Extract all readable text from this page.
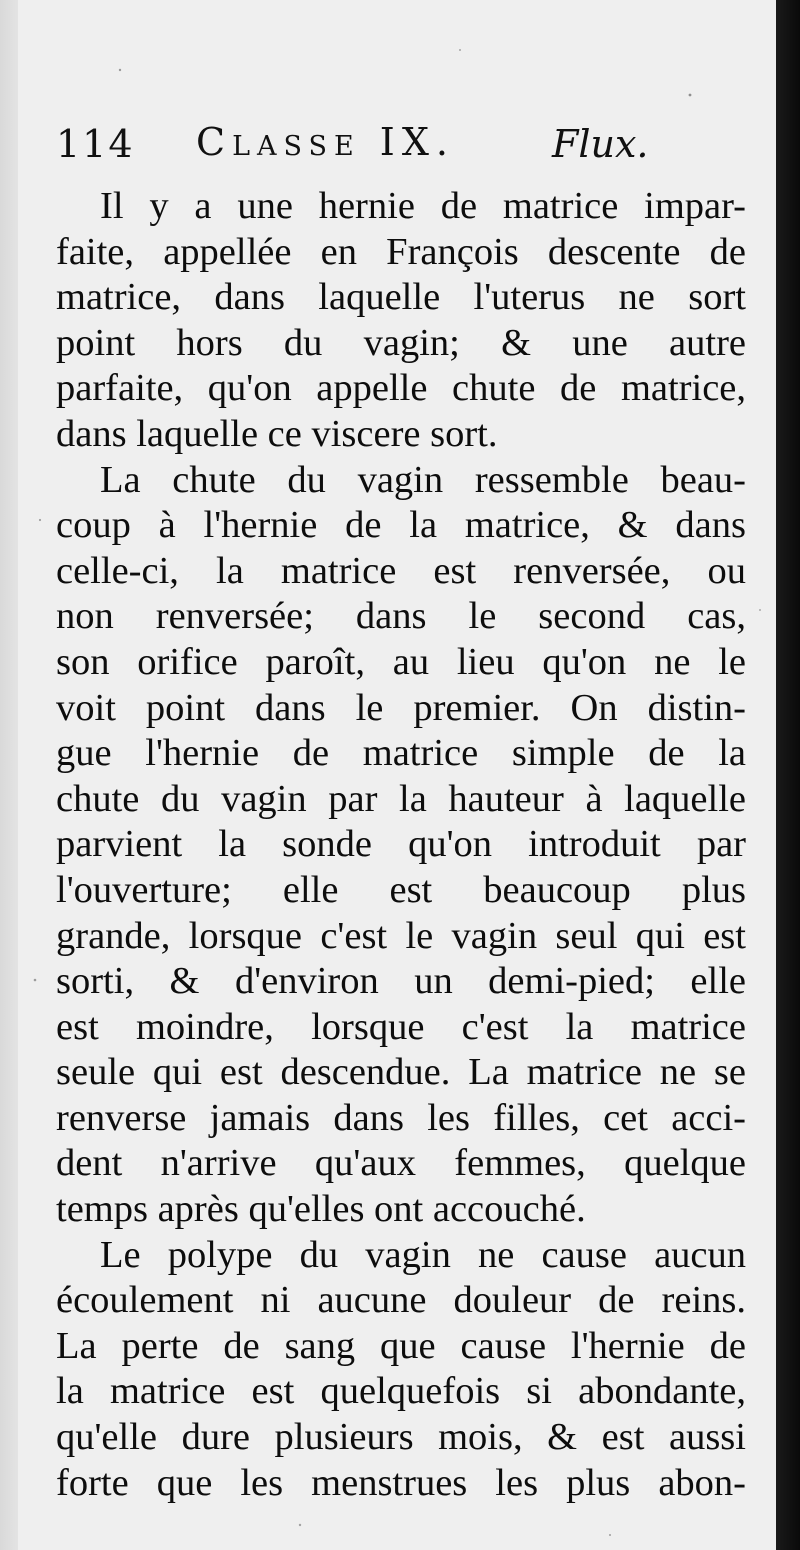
114 Classe IX.	Flux.
Il y a une hernie de matrice impar-
faite, appellée en François descente de
matrice, dans laquelle l'uterus ne sort
point hors du vagin; & une autre
parfaite, qu'on appelle chute de matrice,
dans laquelle ce viscere sort.
La chute du vagin ressemble beau-
coup à l'hernie de la matrice, & dans
celle-ci, la matrice est renversée, ou
non renversée; dans le second cas,
son orifice paroît, au lieu qu'on ne le
voit point dans le premier. On distin-
gue l'hernie de matrice simple de la
chute du vagin par la hauteur à laquelle
parvient la sonde qu'on introduit par
l'ouverture; elle est beaucoup plus
grande, lorsque c'est le vagin seul qui est
sorti, & d'environ un demi-pied; elle
est moindre, lorsque c'est la matrice
seule qui est descendue. La matrice ne se
renverse jamais dans les filles, cet acci-
dent n'arrive qu'aux femmes, quelque
temps après qu'elles ont accouché.
Le polype du vagin ne cause aucun
écoulement ni aucune douleur de reins.
La perte de sang que cause l'hernie de
la matrice est quelquefois si abondante,
qu'elle dure plusieurs mois, & est aussi
forte que les menstrues les plus abon-
